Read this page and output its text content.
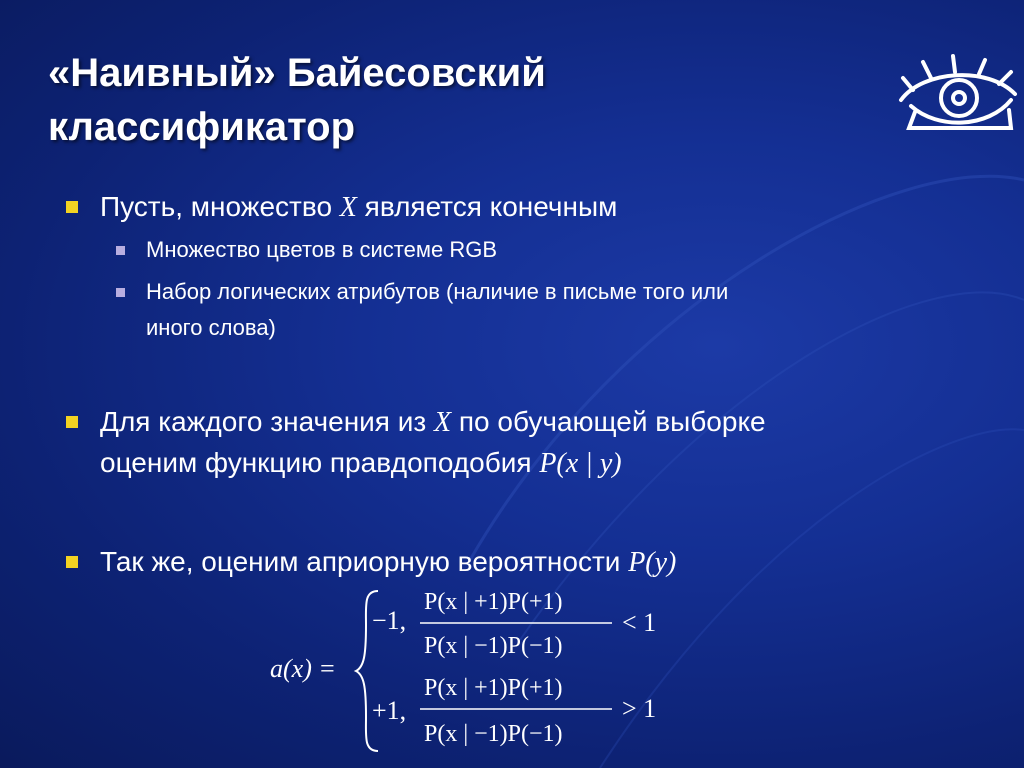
«Наивный» Байесовский
классификатор
Пусть, множество X является конечным
Множество цветов в системе RGB
Набор логических атрибутов (наличие в письме того или
иного слова)
Для каждого значения из X по обучающей выборке
оценим функцию правдоподобия P(x | y)
Так же, оценим априорную вероятности P(y)
a(x) =
−1,
P(x | +1)P(+1)
P(x | −1)P(−1)
< 1
+1,
P(x | +1)P(+1)
P(x | −1)P(−1)
> 1
